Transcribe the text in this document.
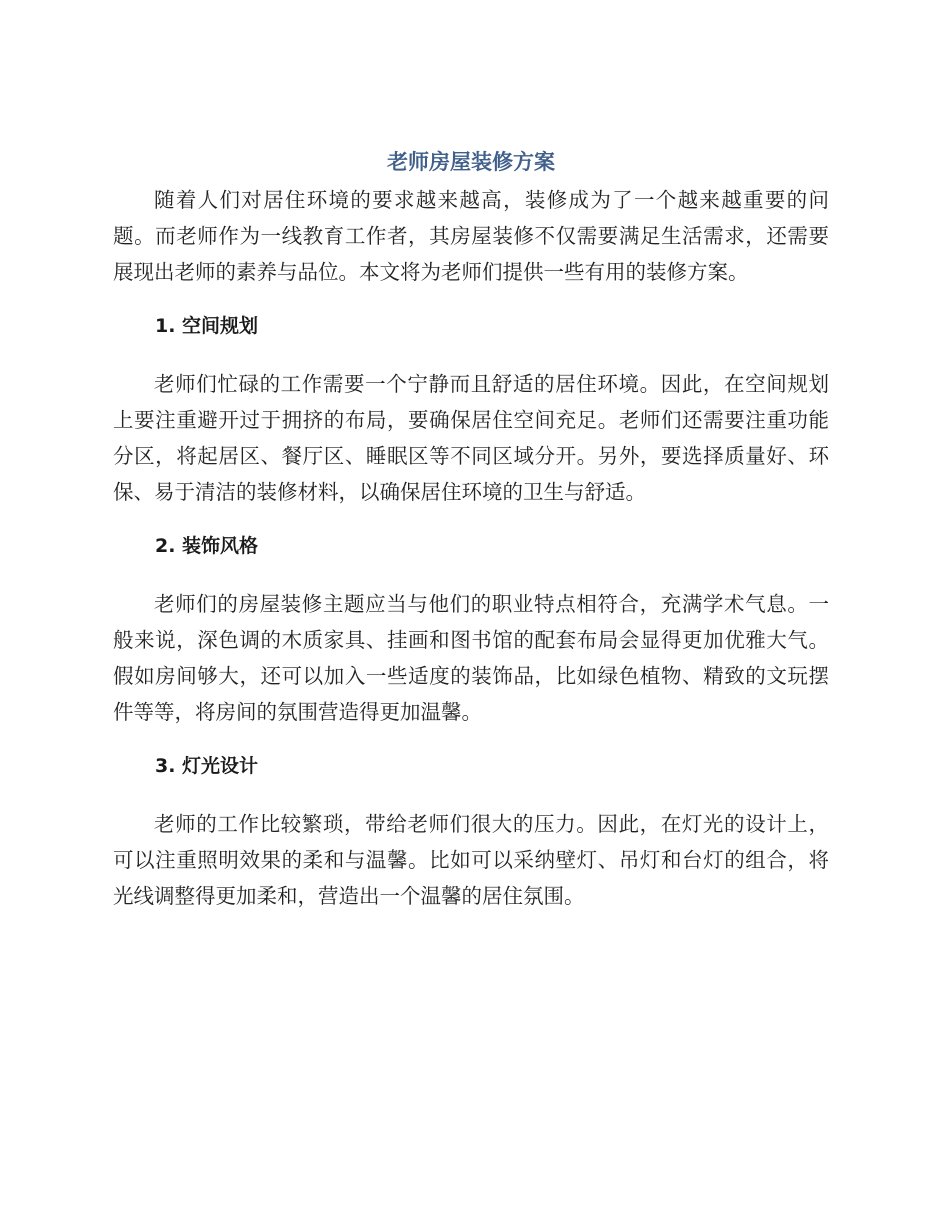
老师房屋装修方案

随着人们对居住环境的要求越来越高，装修成为了一个越来越重要的问题。而老师作为一线教育工作者，其房屋装修不仅需要满足生活需求，还需要展现出老师的素养与品位。本文将为老师们提供一些有用的装修方案。

1. 空间规划

老师们忙碌的工作需要一个宁静而且舒适的居住环境。因此，在空间规划上要注重避开过于拥挤的布局，要确保居住空间充足。老师们还需要注重功能分区，将起居区、餐厅区、睡眠区等不同区域分开。另外，要选择质量好、环保、易于清洁的装修材料，以确保居住环境的卫生与舒适。

2. 装饰风格

老师们的房屋装修主题应当与他们的职业特点相符合，充满学术气息。一般来说，深色调的木质家具、挂画和图书馆的配套布局会显得更加优雅大气。假如房间够大，还可以加入一些适度的装饰品，比如绿色植物、精致的文玩摆件等等，将房间的氛围营造得更加温馨。

3. 灯光设计

老师的工作比较繁琐，带给老师们很大的压力。因此，在灯光的设计上，可以注重照明效果的柔和与温馨。比如可以采纳壁灯、吊灯和台灯的组合，将光线调整得更加柔和，营造出一个温馨的居住氛围。
